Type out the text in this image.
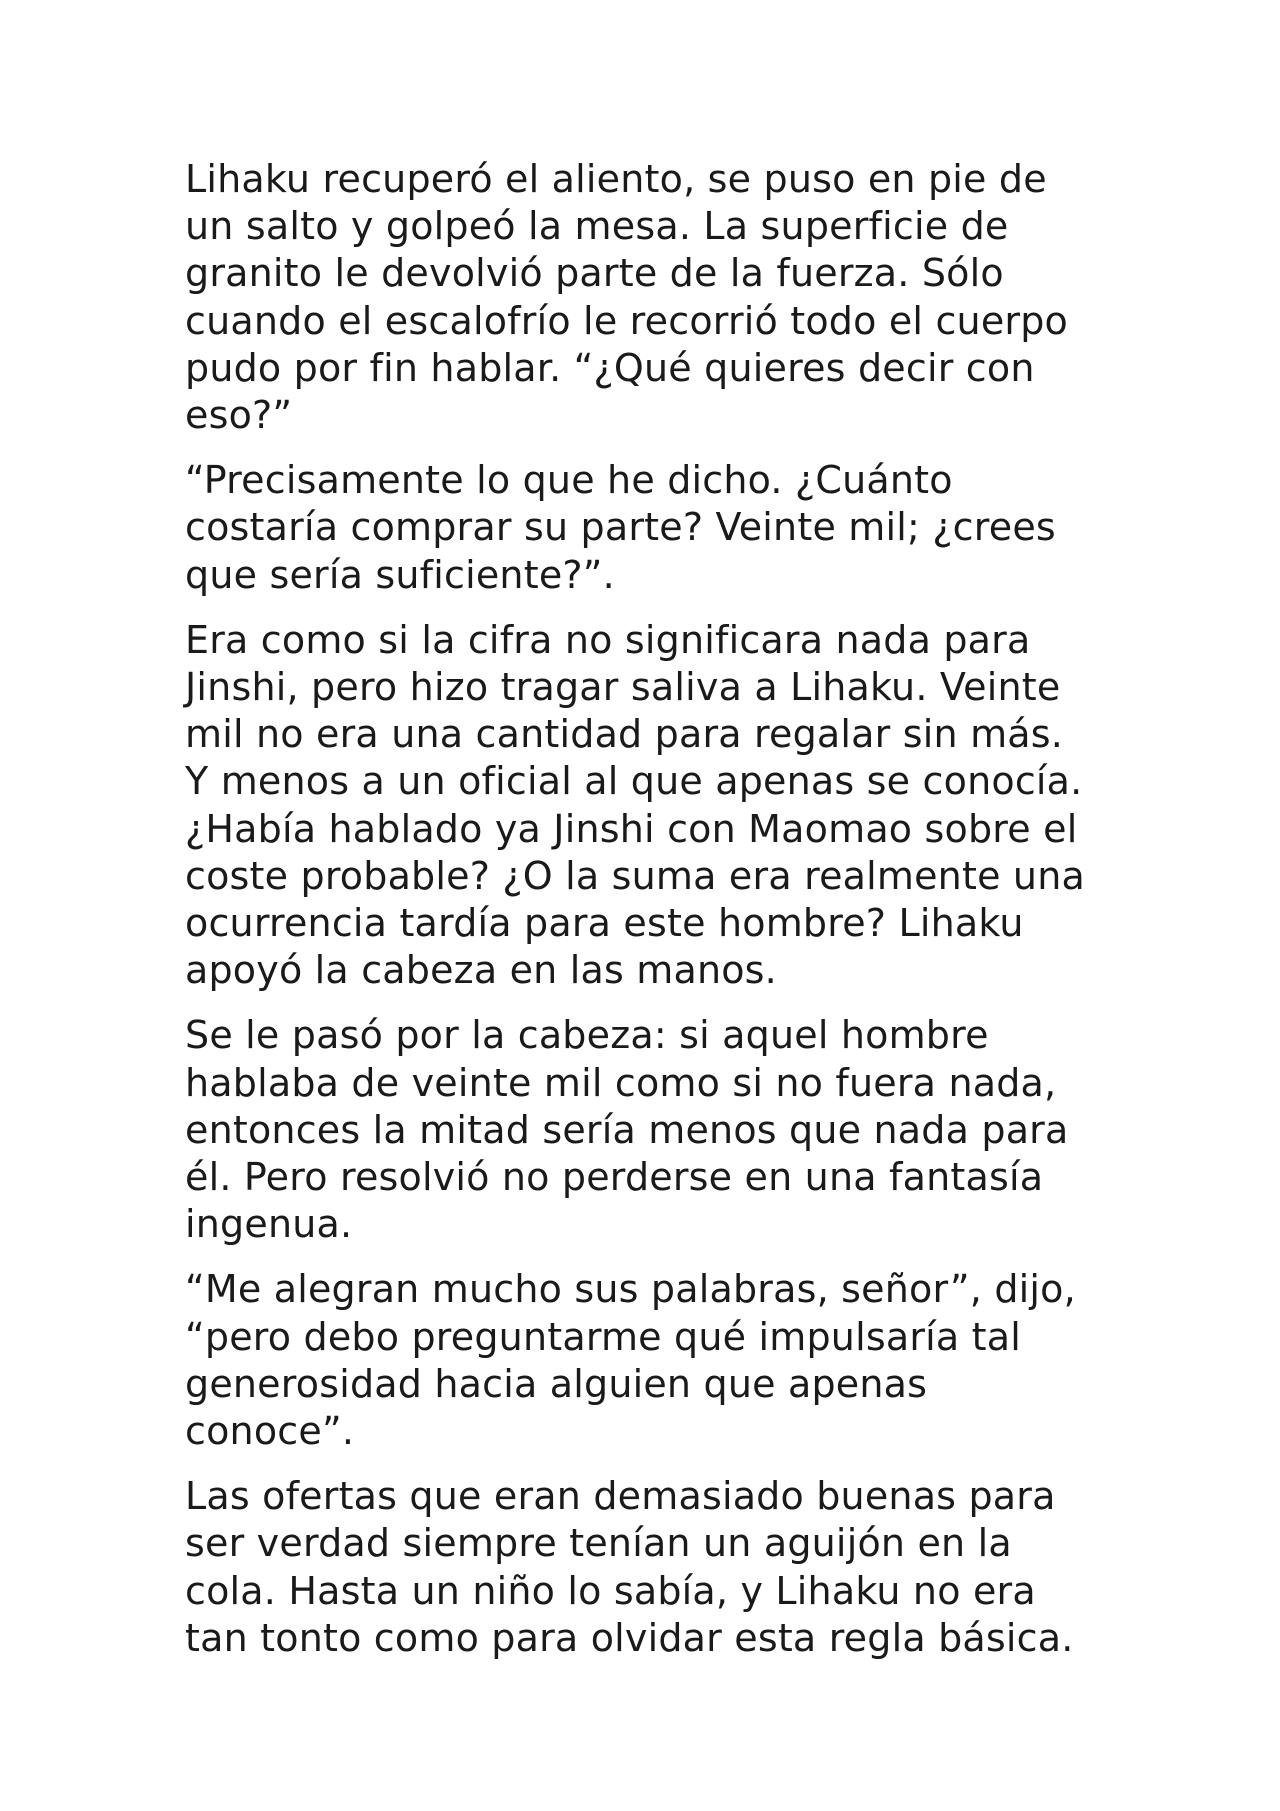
Lihaku recuperó el aliento, se puso en pie de
un salto y golpeó la mesa. La superficie de
granito le devolvió parte de la fuerza. Sólo
cuando el escalofrío le recorrió todo el cuerpo
pudo por fin hablar. “¿Qué quieres decir con
eso?”

“Precisamente lo que he dicho. ¿Cuánto
costaría comprar su parte? Veinte mil; ¿crees
que sería suficiente?”.

Era como si la cifra no significara nada para
Jinshi, pero hizo tragar saliva a Lihaku. Veinte
mil no era una cantidad para regalar sin más.
Y menos a un oficial al que apenas se conocía.
¿Había hablado ya Jinshi con Maomao sobre el
coste probable? ¿O la suma era realmente una
ocurrencia tardía para este hombre? Lihaku
apoyó la cabeza en las manos.

Se le pasó por la cabeza: si aquel hombre
hablaba de veinte mil como si no fuera nada,
entonces la mitad sería menos que nada para
él. Pero resolvió no perderse en una fantasía
ingenua.

“Me alegran mucho sus palabras, señor”, dijo,
“pero debo preguntarme qué impulsaría tal
generosidad hacia alguien que apenas
conoce”.

Las ofertas que eran demasiado buenas para
ser verdad siempre tenían un aguijón en la
cola. Hasta un niño lo sabía, y Lihaku no era
tan tonto como para olvidar esta regla básica.
